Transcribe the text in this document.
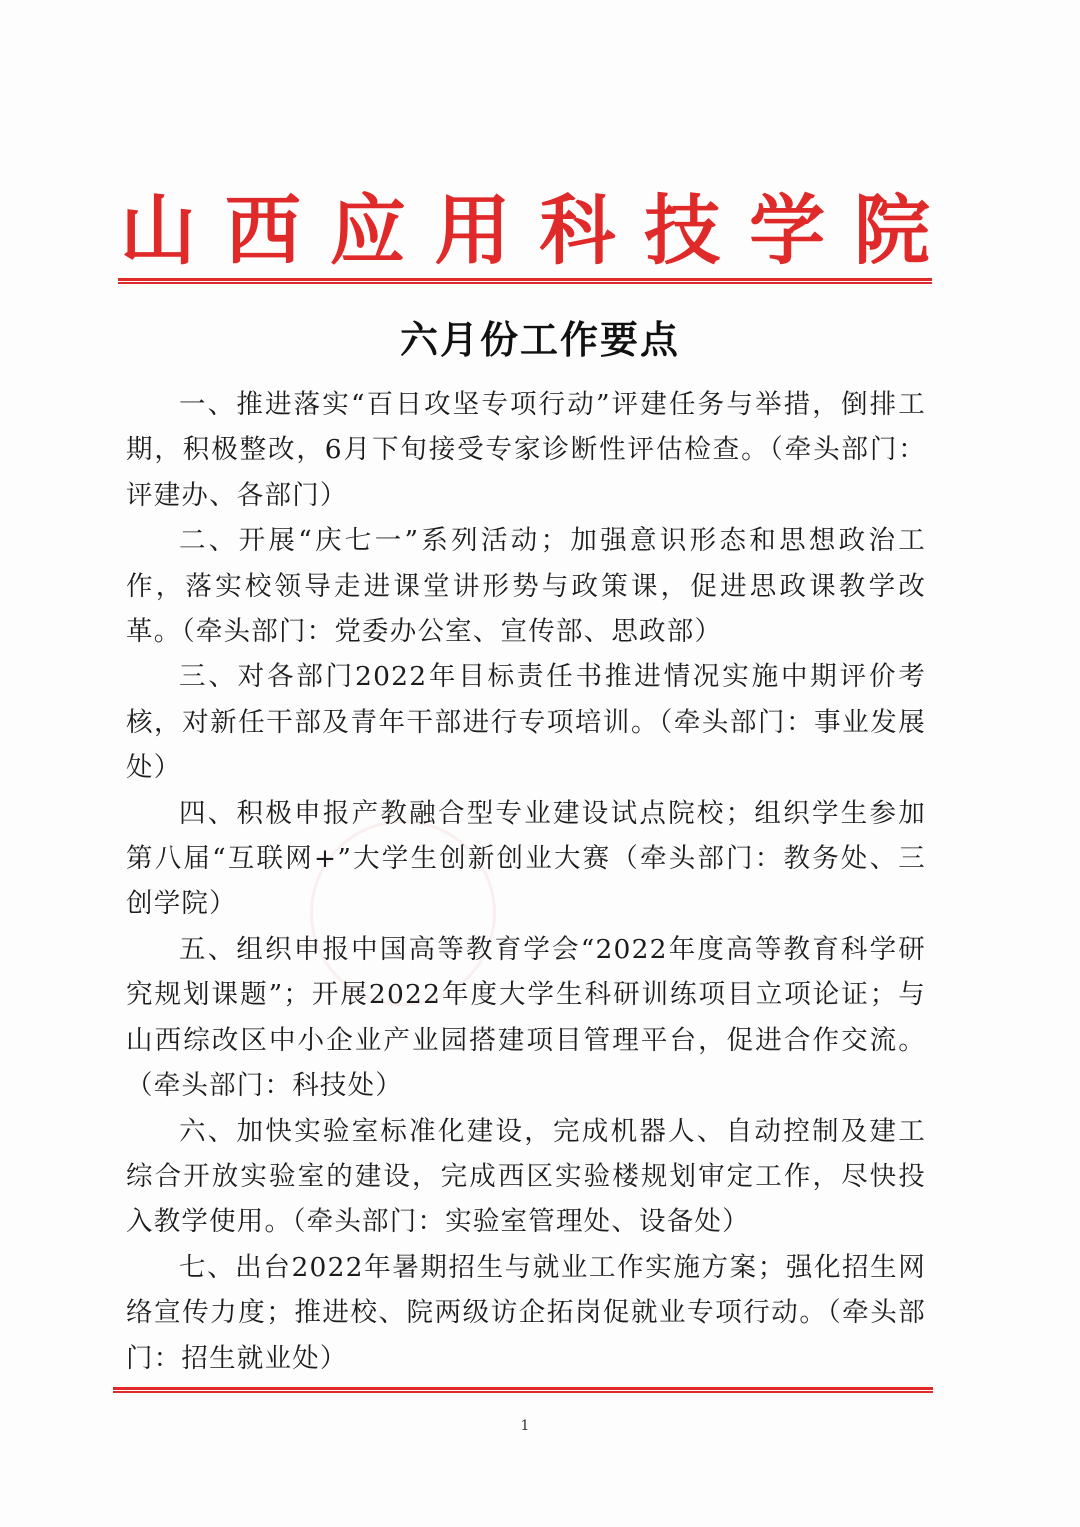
山 西 应 用 科 技 学 院
六月份工作要点

一、推进落实“百日攻坚专项行动”评建任务与举措，倒排工期，积极整改，6月下旬接受专家诊断性评估检查。（牵头部门：评建办、各部门）

二、开展“庆七一”系列活动；加强意识形态和思想政治工作，落实校领导走进课堂讲形势与政策课，促进思政课教学改革。（牵头部门：党委办公室、宣传部、思政部）

三、对各部门2022年目标责任书推进情况实施中期评价考核，对新任干部及青年干部进行专项培训。（牵头部门：事业发展处）

四、积极申报产教融合型专业建设试点院校；组织学生参加第八届“互联网+”大学生创新创业大赛（牵头部门：教务处、三创学院）

五、组织申报中国高等教育学会“2022年度高等教育科学研究规划课题”；开展2022年度大学生科研训练项目立项论证；与山西综改区中小企业产业园搭建项目管理平台，促进合作交流。（牵头部门：科技处）

六、加快实验室标准化建设，完成机器人、自动控制及建工综合开放实验室的建设，完成西区实验楼规划审定工作，尽快投入教学使用。（牵头部门：实验室管理处、设备处）

七、出台2022年暑期招生与就业工作实施方案；强化招生网络宣传力度；推进校、院两级访企拓岗促就业专项行动。（牵头部门：招生就业处）

1
